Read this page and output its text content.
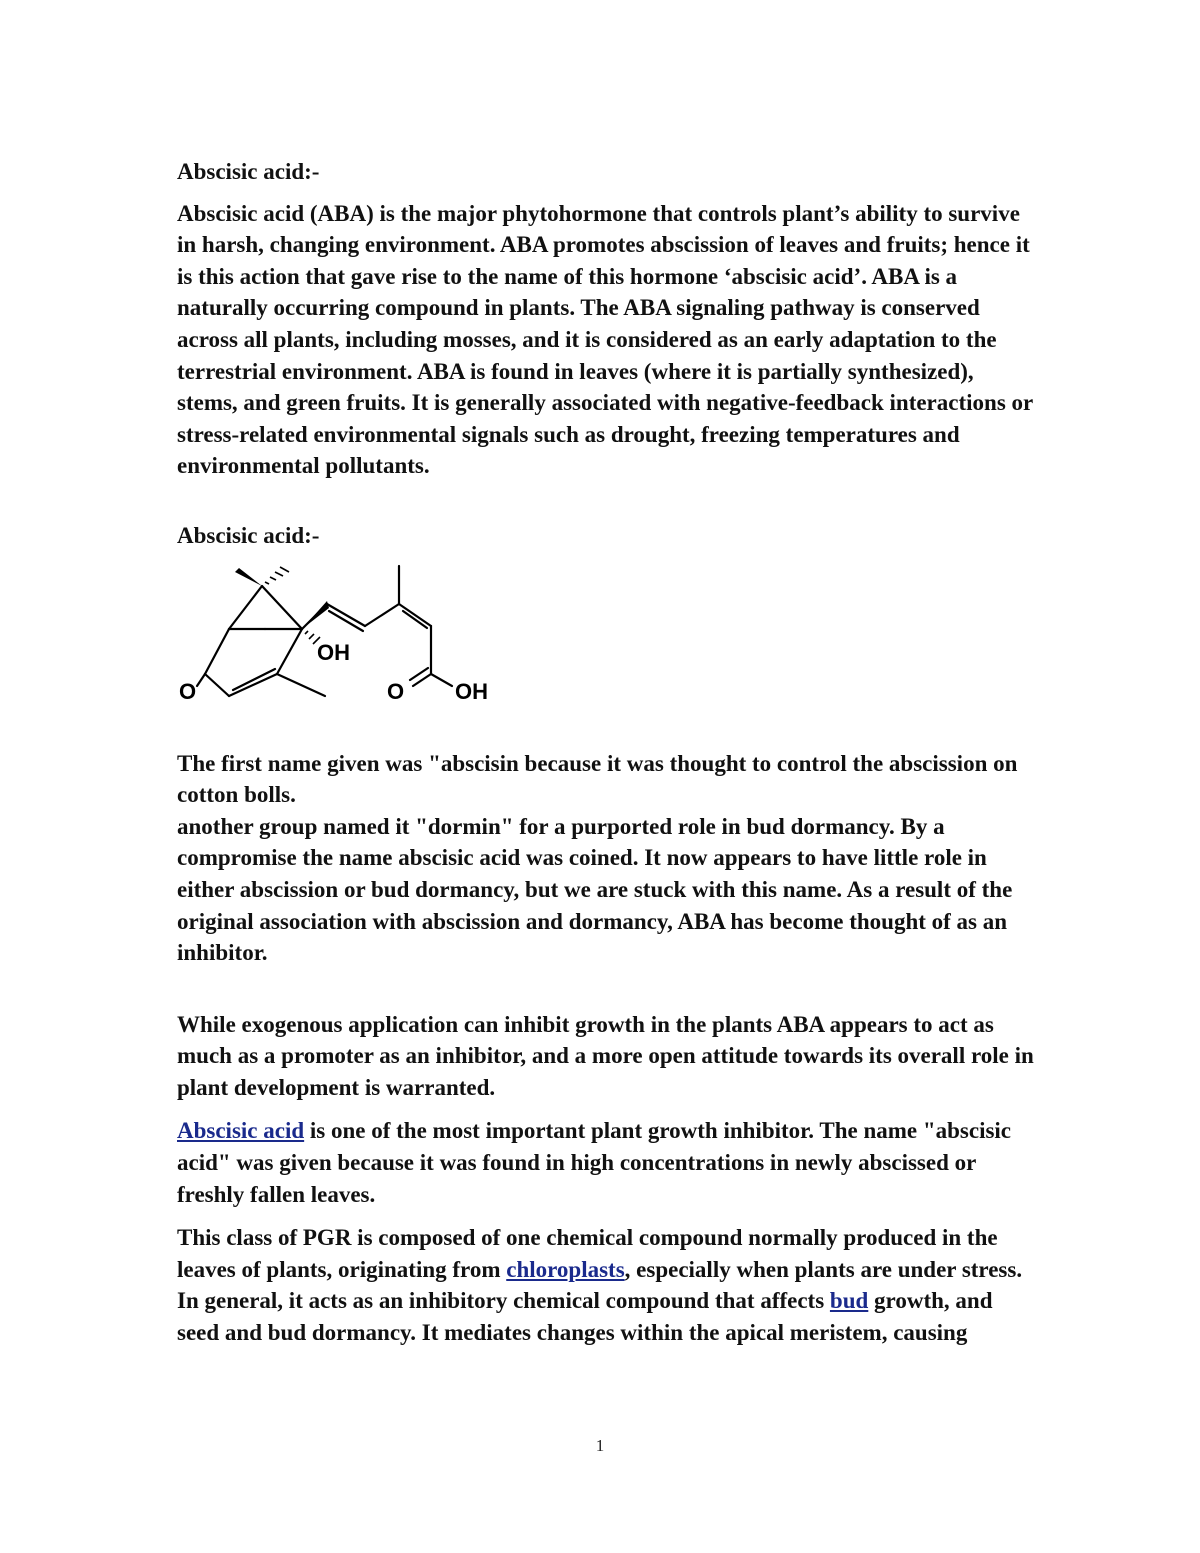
Abscisic acid:-

Abscisic acid (ABA) is the major phytohormone that controls plant’s ability to survive in harsh, changing environment. ABA promotes abscission of leaves and fruits; hence it is this action that gave rise to the name of this hormone ‘abscisic acid’. ABA is a naturally occurring compound in plants. The ABA signaling pathway is conserved across all plants, including mosses, and it is considered as an early adaptation to the terrestrial environment. ABA is found in leaves (where it is partially synthesized), stems, and green fruits. It is generally associated with negative-feedback interactions or stress-related environmental signals such as drought, freezing temperatures and environmental pollutants.

Abscisic acid:-

O
OH
O OH

The first name given was "abscisin because it was thought to control the abscission on cotton bolls.

another group named it "dormin" for a purported role in bud dormancy. By a compromise the name abscisic acid was coined. It now appears to have little role in either abscission or bud dormancy, but we are stuck with this name. As a result of the original association with abscission and dormancy, ABA has become thought of as an inhibitor.

While exogenous application can inhibit growth in the plants ABA appears to act as much as a promoter as an inhibitor, and a more open attitude towards its overall role in plant development is warranted.

Abscisic acid is one of the most important plant growth inhibitor. The name "abscisic acid" was given because it was found in high concentrations in newly abscissed or freshly fallen leaves.

This class of PGR is composed of one chemical compound normally produced in the leaves of plants, originating from chloroplasts, especially when plants are under stress. In general, it acts as an inhibitory chemical compound that affects bud growth, and seed and bud dormancy. It mediates changes within the apical meristem, causing

1
